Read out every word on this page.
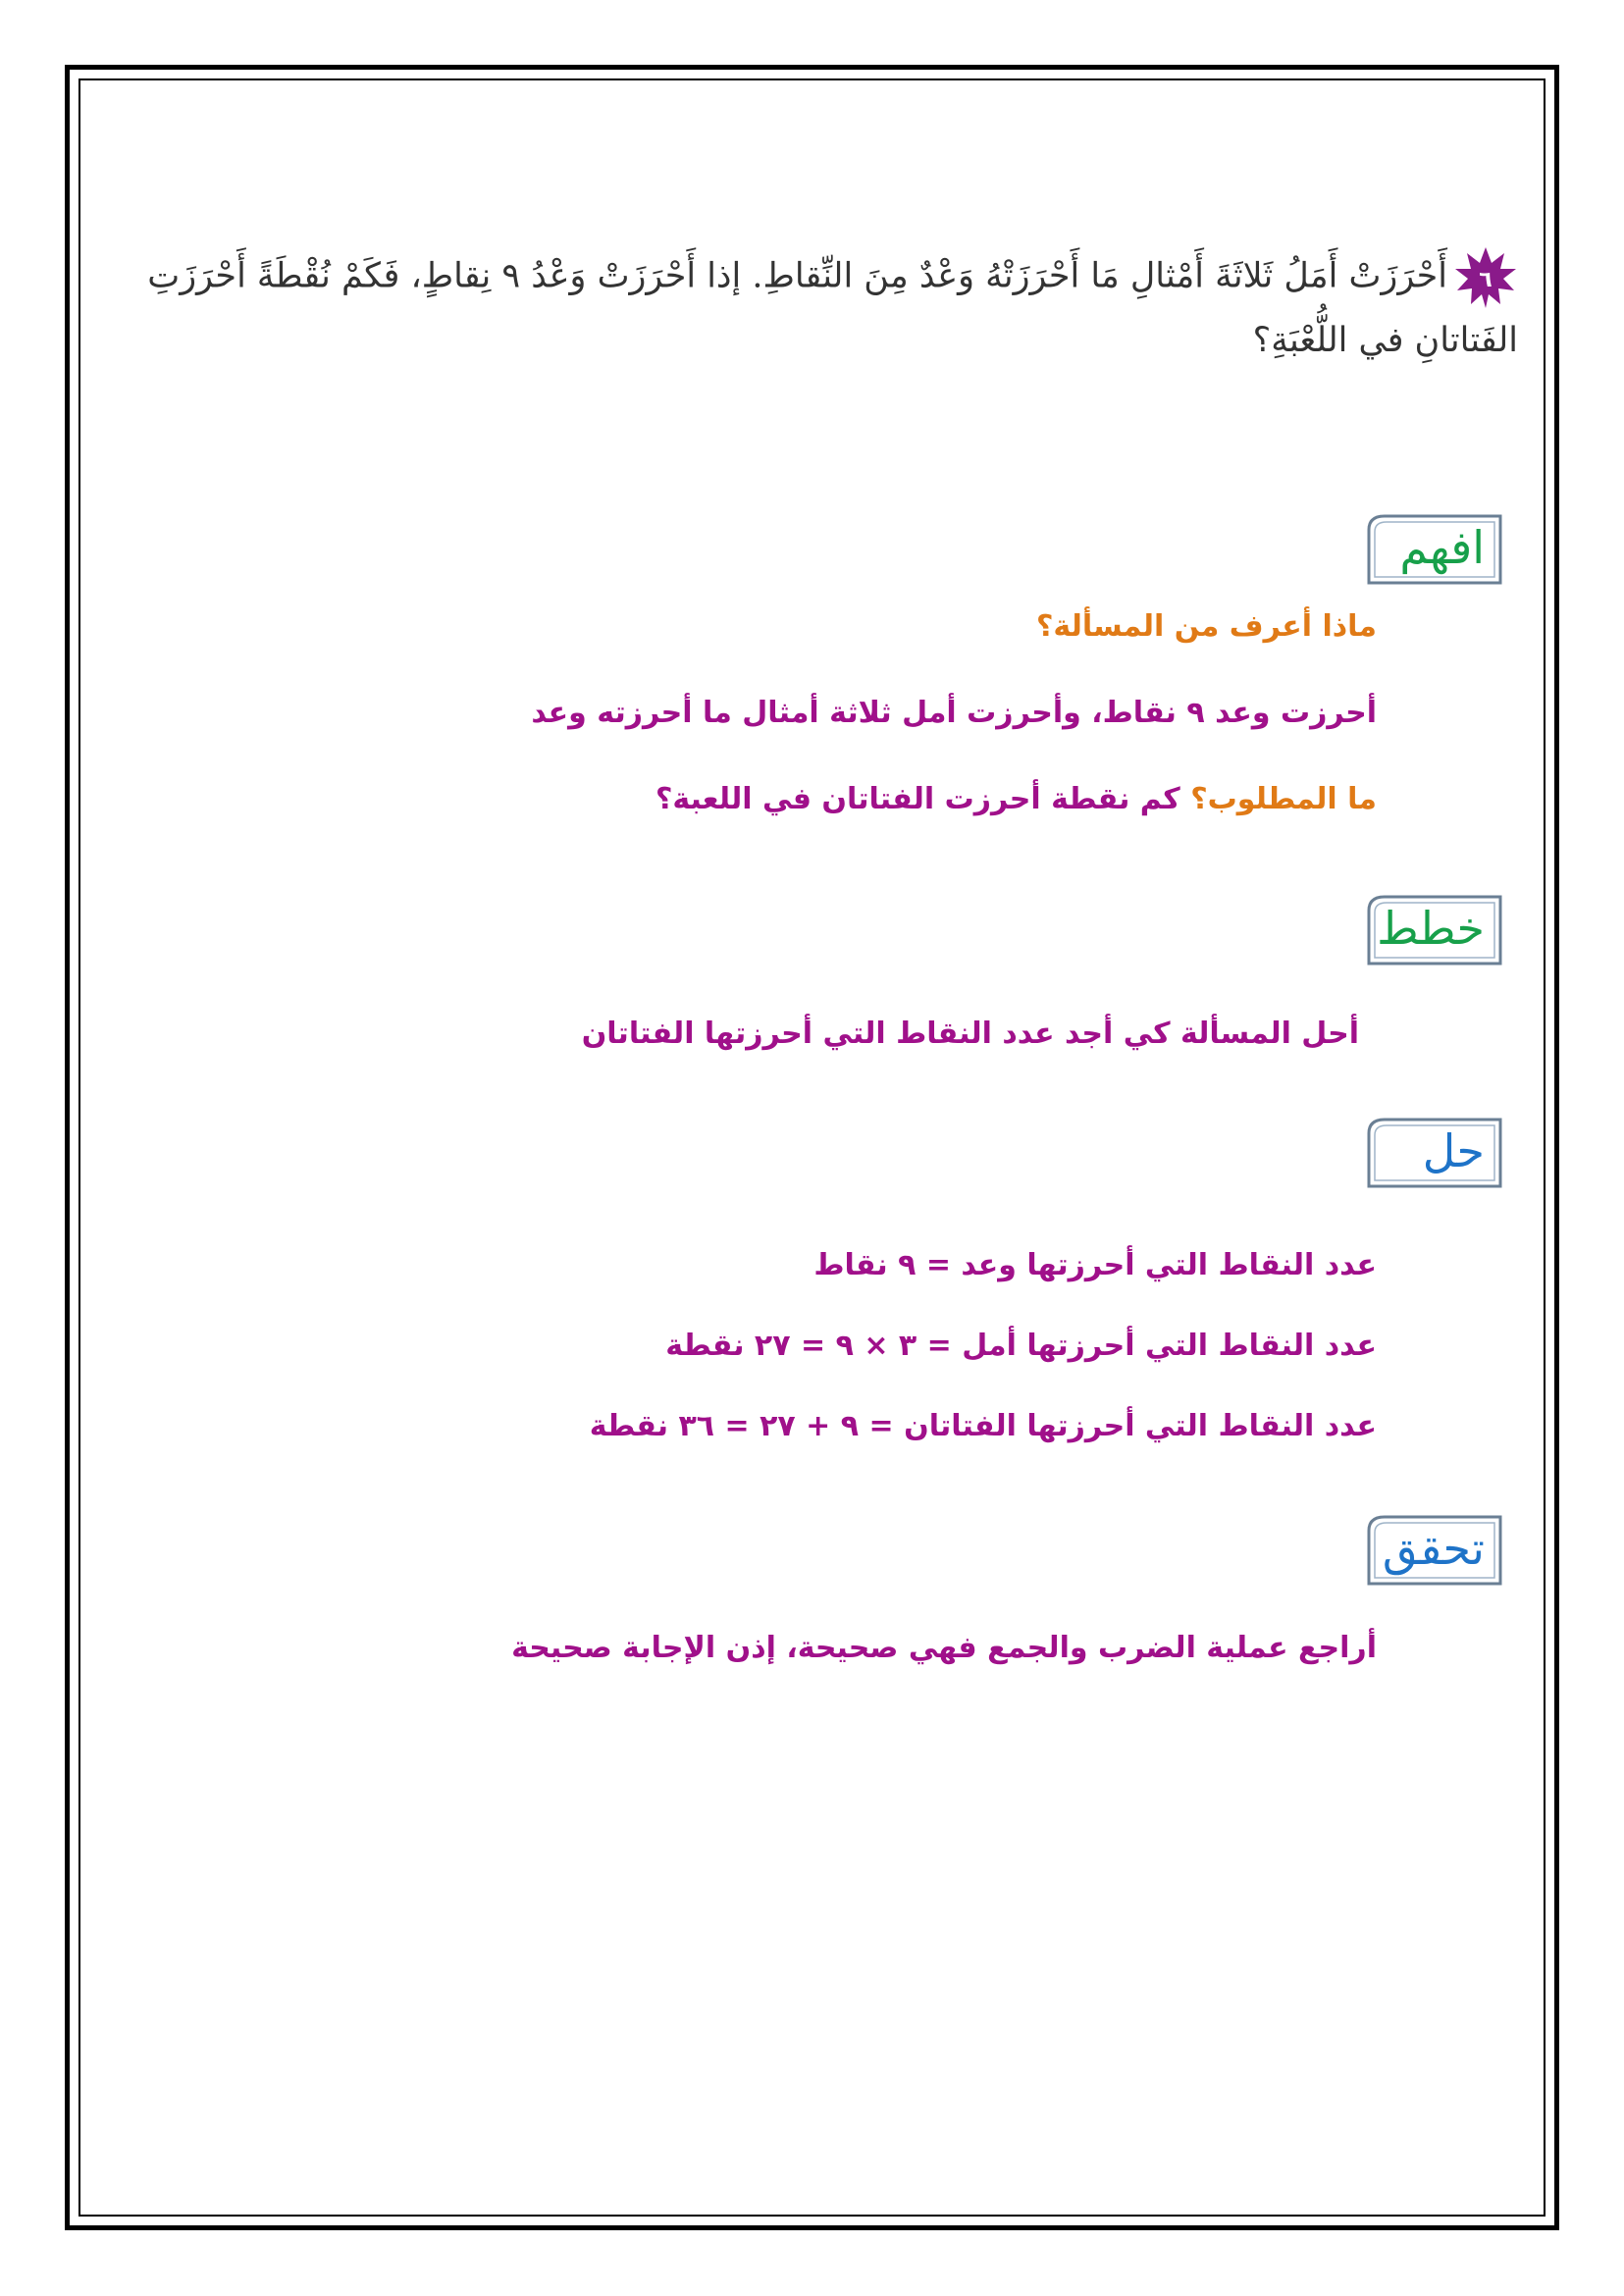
٦
أَحْرَزَتْ أَمَلُ ثَلاثَةَ أَمْثالِ مَا أَحْرَزَتْهُ وَعْدٌ مِنَ النِّقاطِ. إذا أَحْرَزَتْ وَعْدُ ٩ نِقاطٍ، فَكَمْ نُقْطَةً أَحْرَزَتِ الفَتاتانِ في اللُّعْبَةِ؟
افهم
ماذا أعرف من المسألة؟
أحرزت وعد ٩ نقاط، وأحرزت أمل ثلاثة أمثال ما أحرزته وعد
ما المطلوب؟ كم نقطة أحرزت الفتاتان في اللعبة؟
خطط
أحل المسألة كي أجد عدد النقاط التي أحرزتها الفتاتان
حل
عدد النقاط التي أحرزتها وعد = ٩ نقاط
عدد النقاط التي أحرزتها أمل = ٣ × ٩ = ٢٧ نقطة
عدد النقاط التي أحرزتها الفتاتان = ٩ + ٢٧ = ٣٦ نقطة
تحقق
أراجع عملية الضرب والجمع فهي صحيحة، إذن الإجابة صحيحة
